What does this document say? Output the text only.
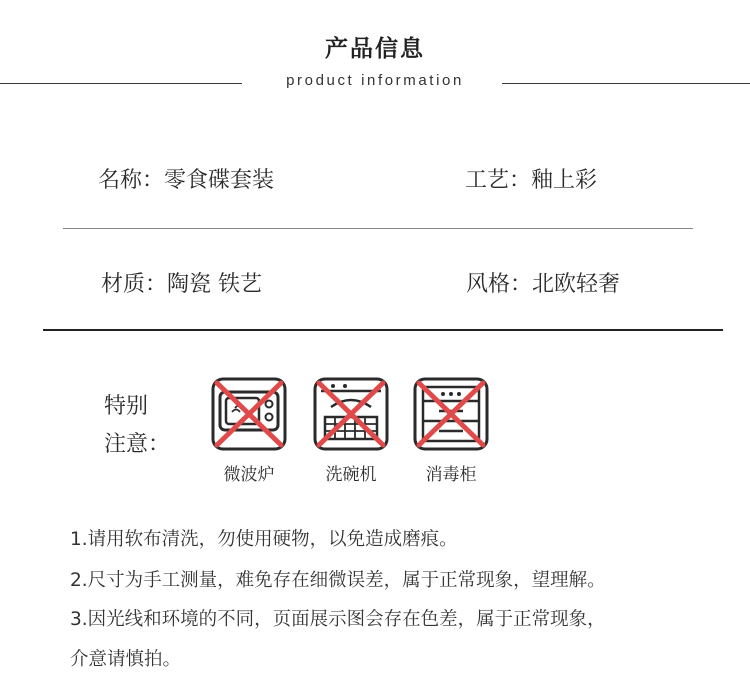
产品信息
product information
名称：零食碟套装	工艺：釉上彩
材质：陶瓷 铁艺	风格：北欧轻奢
特别
注意：
微波炉	洗碗机	消毒柜
1.请用软布清洗，勿使用硬物，以免造成磨痕。
2.尺寸为手工测量，难免存在细微误差，属于正常现象，望理解。
3.因光线和环境的不同，页面展示图会存在色差，属于正常现象，
介意请慎拍。
